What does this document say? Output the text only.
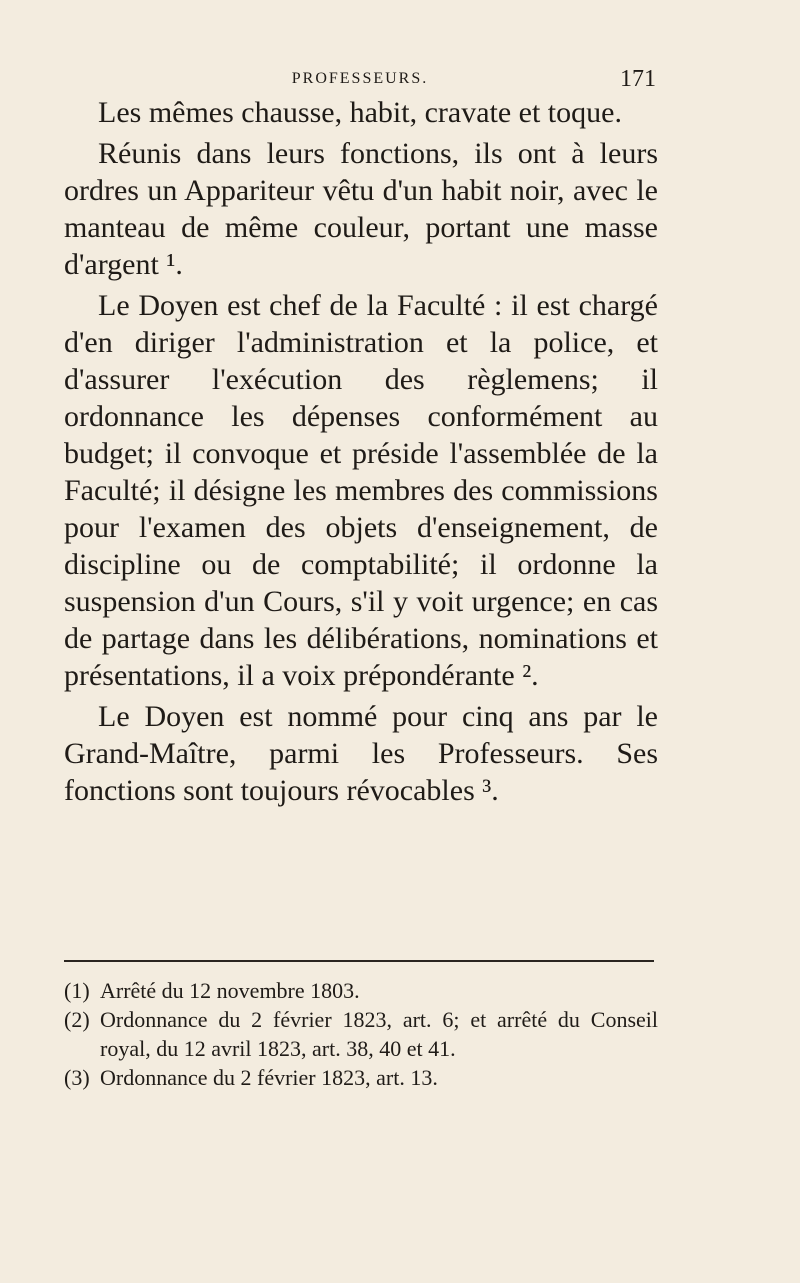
PROFESSEURS.	171

Les mêmes chausse, habit, cravate et toque.

Réunis dans leurs fonctions, ils ont à leurs ordres un Appariteur vêtu d'un habit noir, avec le manteau de même couleur, portant une masse d'argent ¹.

Le Doyen est chef de la Faculté : il est chargé d'en diriger l'administration et la police, et d'assurer l'exécution des règlemens; il ordonnance les dépenses conformément au budget; il convoque et préside l'assemblée de la Faculté; il désigne les membres des commissions pour l'examen des objets d'enseignement, de discipline ou de comptabilité; il ordonne la suspension d'un Cours, s'il y voit urgence; en cas de partage dans les délibérations, nominations et présentations, il a voix prépondérante ².

Le Doyen est nommé pour cinq ans par le Grand-Maître, parmi les Professeurs. Ses fonctions sont toujours révocables ³.

(1) Arrêté du 12 novembre 1803.
(2) Ordonnance du 2 février 1823, art. 6; et arrêté du Conseil royal, du 12 avril 1823, art. 38, 40 et 41.
(3) Ordonnance du 2 février 1823, art. 13.
